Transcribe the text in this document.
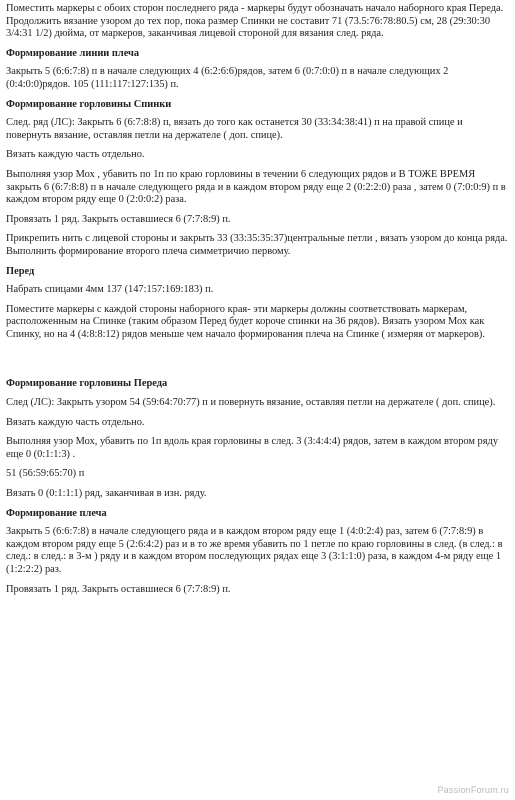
Поместить маркеры с обоих сторон последнего ряда - маркеры будут обозначать начало наборного края Переда. Продолжить вязание узором до тех пор, пока размер Спинки не составит 71 (73.5:76:78:80.5) см, 28 (29:30:30 3/4:31 1/2) дюйма, от маркеров, заканчивая лицевой стороной для вязания след. ряда.
Формирование линии плеча
Закрыть 5 (6:6:7:8) п в начале следующих 4 (6:2:6:6)рядов, затем 6 (0:7:0:0) п в начале следующих 2 (0:4:0:0)рядов. 105 (111:117:127:135) п.
Формирование горловины Спинки
След. ряд (ЛС): Закрыть 6 (6:7:8:8) п, вязать до того как останется 30 (33:34:38:41) п на правой спице и повернуть вязание, оставляя петли на держателе ( доп. спице).
Вязать каждую часть отдельно.
Выполняя узор Мох , убавить по 1п по краю горловины в течении 6 следующих рядов и В ТОЖЕ ВРЕМЯ закрыть 6 (6:7:8:8) п в начале следующего ряда и в каждом втором ряду еще 2 (0:2:2:0) раза , затем 0 (7:0:0:9) п в каждом втором ряду еще 0 (2:0:0:2) раза.
Провязать 1 ряд. Закрыть оставшиеся 6 (7:7:8:9) п.
Прикрепить нить с лицевой стороны и закрыть 33 (33:35:35:37)центральные петли , вязать узором до конца ряда. Выполнить формирование второго плеча симметричио первому.
Перед
Набрать спицами 4мм 137 (147:157:169:183) п.
Поместите маркеры с каждой стороны наборного края- эти маркеры должны соответствовать маркерам, расположенным на Спинке (таким образом Перед будет короче спинки на 36 рядов). Вязать узором Мох как Спинку, но на 4 (4:8:8:12) рядов меньше чем начало формирования плеча на Спинке ( измеряя от маркеров).
Формирование горловины Переда
След (ЛС): Закрыть узором 54 (59:64:70:77) п и повернуть вязание, оставляя петли на держателе ( доп. спице).
Вязать каждую часть отдельно.
Выполняя узор Мох, убавить по 1п вдоль края горловины в след. 3 (3:4:4:4) рядов, затем в каждом втором ряду еще 0 (0:1:1:3) .
51 (56:59:65:70) п
Вязать 0 (0:1:1:1) ряд, заканчивая в изн. ряду.
Формирование плеча
Закрыть 5 (6:6:7:8) в начале следующего ряда и в каждом втором ряду еще 1 (4:0:2:4) раз, затем 6 (7:7:8:9) в каждом втором ряду еще 5 (2:6:4:2) раз и в то же время убавить по 1 петле по краю горловины в след. (в след.: в след.: в след.: в 3-м ) ряду и в каждом втором последующих рядах еще 3 (3:1:1:0) раза, в каждом 4-м ряду еще 1 (1:2:2:2) раз.
Провязать 1 ряд. Закрыть оставшиеся 6 (7:7:8:9) п.
PassionForum.ru
